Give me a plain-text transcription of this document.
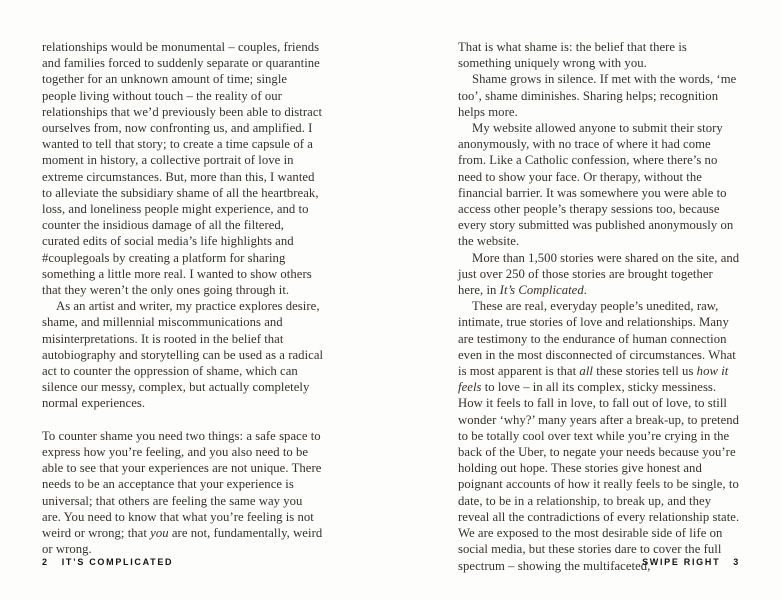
relationships would be monumental – couples, friends and families forced to suddenly separate or quarantine together for an unknown amount of time; single people living without touch – the reality of our relationships that we’d previously been able to distract ourselves from, now confronting us, and amplified. I wanted to tell that story; to create a time capsule of a moment in history, a collective portrait of love in extreme circumstances. But, more than this, I wanted to alleviate the subsidiary shame of all the heartbreak, loss, and loneliness people might experience, and to counter the insidious damage of all the filtered, curated edits of social media’s life highlights and #couplegoals by creating a platform for sharing something a little more real. I wanted to show others that they weren’t the only ones going through it.

As an artist and writer, my practice explores desire, shame, and millennial miscommunications and misinterpretations. It is rooted in the belief that autobiography and storytelling can be used as a radical act to counter the oppression of shame, which can silence our messy, complex, but actually completely normal experiences.

To counter shame you need two things: a safe space to express how you’re feeling, and you also need to be able to see that your experiences are not unique. There needs to be an acceptance that your experience is universal; that others are feeling the same way you are. You need to know that what you’re feeling is not weird or wrong; that you are not, fundamentally, weird or wrong.

2 IT’S COMPLICATED

That is what shame is: the belief that there is something uniquely wrong with you.

Shame grows in silence. If met with the words, ‘me too’, shame diminishes. Sharing helps; recognition helps more.

My website allowed anyone to submit their story anonymously, with no trace of where it had come from. Like a Catholic confession, where there’s no need to show your face. Or therapy, without the financial barrier. It was somewhere you were able to access other people’s therapy sessions too, because every story submitted was published anonymously on the website.

More than 1,500 stories were shared on the site, and just over 250 of those stories are brought together here, in It’s Complicated.

These are real, everyday people’s unedited, raw, intimate, true stories of love and relationships. Many are testimony to the endurance of human connection even in the most disconnected of circumstances. What is most apparent is that all these stories tell us how it feels to love – in all its complex, sticky messiness. How it feels to fall in love, to fall out of love, to still wonder ‘why?’ many years after a break-up, to pretend to be totally cool over text while you’re crying in the back of the Uber, to negate your needs because you’re holding out hope. These stories give honest and poignant accounts of how it really feels to be single, to date, to be in a relationship, to break up, and they reveal all the contradictions of every relationship state. We are exposed to the most desirable side of life on social media, but these stories dare to cover the full spectrum – showing the multifaceted,

SWIPE RIGHT 3
